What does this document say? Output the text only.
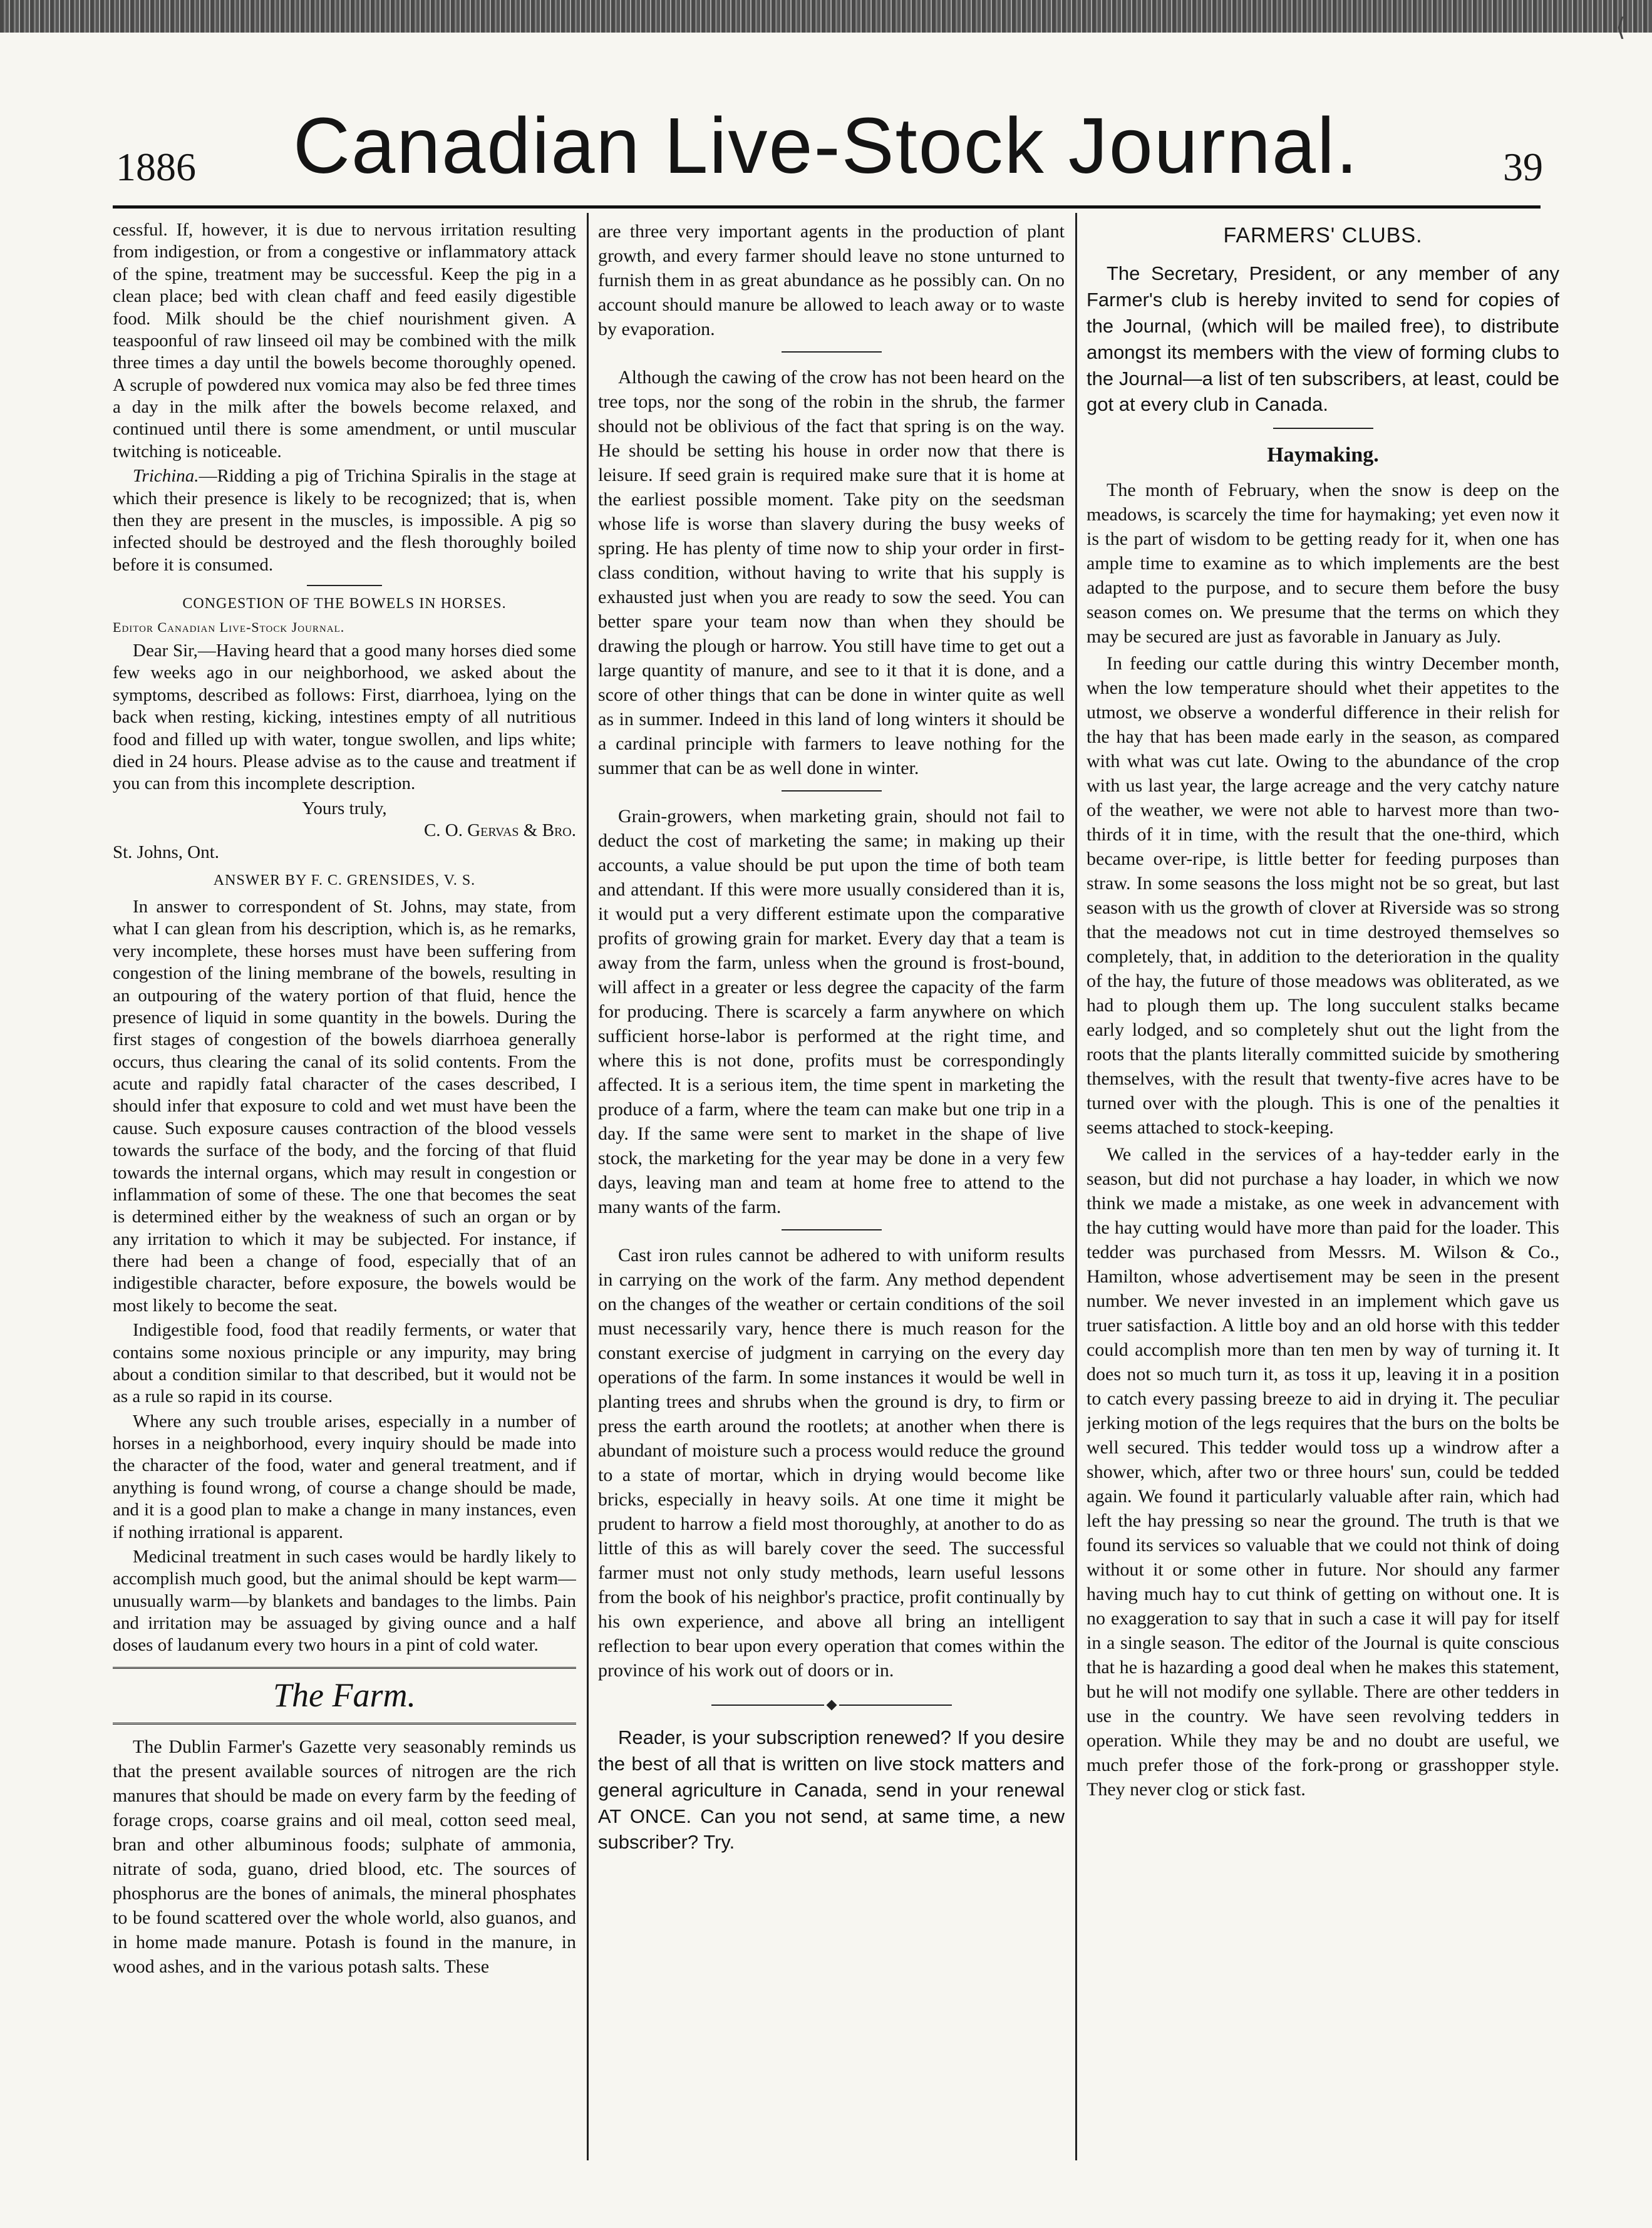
⟨
1886	Canadian Live-Stock Journal.	39

cessful. If, however, it is due to nervous irritation resulting from indigestion, or from a congestive or inflammatory attack of the spine, treatment may be successful. Keep the pig in a clean place; bed with clean chaff and feed easily digestible food. Milk should be the chief nourishment given. A teaspoonful of raw linseed oil may be combined with the milk three times a day until the bowels become thoroughly opened. A scruple of powdered nux vomica may also be fed three times a day in the milk after the bowels become relaxed, and continued until there is some amendment, or until muscular twitching is noticeable.

Trichina.—Ridding a pig of Trichina Spiralis in the stage at which their presence is likely to be recognized; that is, when then they are present in the muscles, is impossible. A pig so infected should be destroyed and the flesh thoroughly boiled before it is consumed.

CONGESTION OF THE BOWELS IN HORSES.

Editor Canadian Live-Stock Journal.

Dear Sir,—Having heard that a good many horses died some few weeks ago in our neighborhood, we asked about the symptoms, described as follows: First, diarrhoea, lying on the back when resting, kicking, intestines empty of all nutritious food and filled up with water, tongue swollen, and lips white; died in 24 hours. Please advise as to the cause and treatment if you can from this incomplete description.

Yours truly,

C. O. Gervas & Bro.

St. Johns, Ont.

ANSWER BY F. C. GRENSIDES, V. S.

In answer to correspondent of St. Johns, may state, from what I can glean from his description, which is, as he remarks, very incomplete, these horses must have been suffering from congestion of the lining membrane of the bowels, resulting in an outpouring of the watery portion of that fluid, hence the presence of liquid in some quantity in the bowels. During the first stages of congestion of the bowels diarrhoea generally occurs, thus clearing the canal of its solid contents. From the acute and rapidly fatal character of the cases described, I should infer that exposure to cold and wet must have been the cause. Such exposure causes contraction of the blood vessels towards the surface of the body, and the forcing of that fluid towards the internal organs, which may result in congestion or inflammation of some of these. The one that becomes the seat is determined either by the weakness of such an organ or by any irritation to which it may be subjected. For instance, if there had been a change of food, especially that of an indigestible character, before exposure, the bowels would be most likely to become the seat.

Indigestible food, food that readily ferments, or water that contains some noxious principle or any impurity, may bring about a condition similar to that described, but it would not be as a rule so rapid in its course.

Where any such trouble arises, especially in a number of horses in a neighborhood, every inquiry should be made into the character of the food, water and general treatment, and if anything is found wrong, of course a change should be made, and it is a good plan to make a change in many instances, even if nothing irrational is apparent.

Medicinal treatment in such cases would be hardly likely to accomplish much good, but the animal should be kept warm—unusually warm—by blankets and bandages to the limbs. Pain and irritation may be assuaged by giving ounce and a half doses of laudanum every two hours in a pint of cold water.

The Farm.

The Dublin Farmer's Gazette very seasonably reminds us that the present available sources of nitrogen are the rich manures that should be made on every farm by the feeding of forage crops, coarse grains and oil meal, cotton seed meal, bran and other albuminous foods; sulphate of ammonia, nitrate of soda, guano, dried blood, etc. The sources of phosphorus are the bones of animals, the mineral phosphates to be found scattered over the whole world, also guanos, and in home made manure. Potash is found in the manure, in wood ashes, and in the various potash salts. These

are three very important agents in the production of plant growth, and every farmer should leave no stone unturned to furnish them in as great abundance as he possibly can. On no account should manure be allowed to leach away or to waste by evaporation.

Although the cawing of the crow has not been heard on the tree tops, nor the song of the robin in the shrub, the farmer should not be oblivious of the fact that spring is on the way. He should be setting his house in order now that there is leisure. If seed grain is required make sure that it is home at the earliest possible moment. Take pity on the seedsman whose life is worse than slavery during the busy weeks of spring. He has plenty of time now to ship your order in first-class condition, without having to write that his supply is exhausted just when you are ready to sow the seed. You can better spare your team now than when they should be drawing the plough or harrow. You still have time to get out a large quantity of manure, and see to it that it is done, and a score of other things that can be done in winter quite as well as in summer. Indeed in this land of long winters it should be a cardinal principle with farmers to leave nothing for the summer that can be as well done in winter.

Grain-growers, when marketing grain, should not fail to deduct the cost of marketing the same; in making up their accounts, a value should be put upon the time of both team and attendant. If this were more usually considered than it is, it would put a very different estimate upon the comparative profits of growing grain for market. Every day that a team is away from the farm, unless when the ground is frost-bound, will affect in a greater or less degree the capacity of the farm for producing. There is scarcely a farm anywhere on which sufficient horse-labor is performed at the right time, and where this is not done, profits must be correspondingly affected. It is a serious item, the time spent in marketing the produce of a farm, where the team can make but one trip in a day. If the same were sent to market in the shape of live stock, the marketing for the year may be done in a very few days, leaving man and team at home free to attend to the many wants of the farm.

Cast iron rules cannot be adhered to with uniform results in carrying on the work of the farm. Any method dependent on the changes of the weather or certain conditions of the soil must necessarily vary, hence there is much reason for the constant exercise of judgment in carrying on the every day operations of the farm. In some instances it would be well in planting trees and shrubs when the ground is dry, to firm or press the earth around the rootlets; at another when there is abundant of moisture such a process would reduce the ground to a state of mortar, which in drying would become like bricks, especially in heavy soils. At one time it might be prudent to harrow a field most thoroughly, at another to do as little of this as will barely cover the seed. The successful farmer must not only study methods, learn useful lessons from the book of his neighbor's practice, profit continually by his own experience, and above all bring an intelligent reflection to bear upon every operation that comes within the province of his work out of doors or in.

Reader, is your subscription renewed? If you desire the best of all that is written on live stock matters and general agriculture in Canada, send in your renewal AT ONCE. Can you not send, at same time, a new subscriber? Try.

FARMERS' CLUBS.

The Secretary, President, or any member of any Farmer's club is hereby invited to send for copies of the Journal, (which will be mailed free), to distribute amongst its members with the view of forming clubs to the Journal—a list of ten subscribers, at least, could be got at every club in Canada.

Haymaking.

The month of February, when the snow is deep on the meadows, is scarcely the time for haymaking; yet even now it is the part of wisdom to be getting ready for it, when one has ample time to examine as to which implements are the best adapted to the purpose, and to secure them before the busy season comes on. We presume that the terms on which they may be secured are just as favorable in January as July.

In feeding our cattle during this wintry December month, when the low temperature should whet their appetites to the utmost, we observe a wonderful difference in their relish for the hay that has been made early in the season, as compared with what was cut late. Owing to the abundance of the crop with us last year, the large acreage and the very catchy nature of the weather, we were not able to harvest more than two-thirds of it in time, with the result that the one-third, which became over-ripe, is little better for feeding purposes than straw. In some seasons the loss might not be so great, but last season with us the growth of clover at Riverside was so strong that the meadows not cut in time destroyed themselves so completely, that, in addition to the deterioration in the quality of the hay, the future of those meadows was obliterated, as we had to plough them up. The long succulent stalks became early lodged, and so completely shut out the light from the roots that the plants literally committed suicide by smothering themselves, with the result that twenty-five acres have to be turned over with the plough. This is one of the penalties it seems attached to stock-keeping.

We called in the services of a hay-tedder early in the season, but did not purchase a hay loader, in which we now think we made a mistake, as one week in advancement with the hay cutting would have more than paid for the loader. This tedder was purchased from Messrs. M. Wilson & Co., Hamilton, whose advertisement may be seen in the present number. We never invested in an implement which gave us truer satisfaction. A little boy and an old horse with this tedder could accomplish more than ten men by way of turning it. It does not so much turn it, as toss it up, leaving it in a position to catch every passing breeze to aid in drying it. The peculiar jerking motion of the legs requires that the burs on the bolts be well secured. This tedder would toss up a windrow after a shower, which, after two or three hours' sun, could be tedded again. We found it particularly valuable after rain, which had left the hay pressing so near the ground. The truth is that we found its services so valuable that we could not think of doing without it or some other in future. Nor should any farmer having much hay to cut think of getting on without one. It is no exaggeration to say that in such a case it will pay for itself in a single season. The editor of the Journal is quite conscious that he is hazarding a good deal when he makes this statement, but he will not modify one syllable. There are other tedders in use in the country. We have seen revolving tedders in operation. While they may be and no doubt are useful, we much prefer those of the fork-prong or grasshopper style. They never clog or stick fast.
